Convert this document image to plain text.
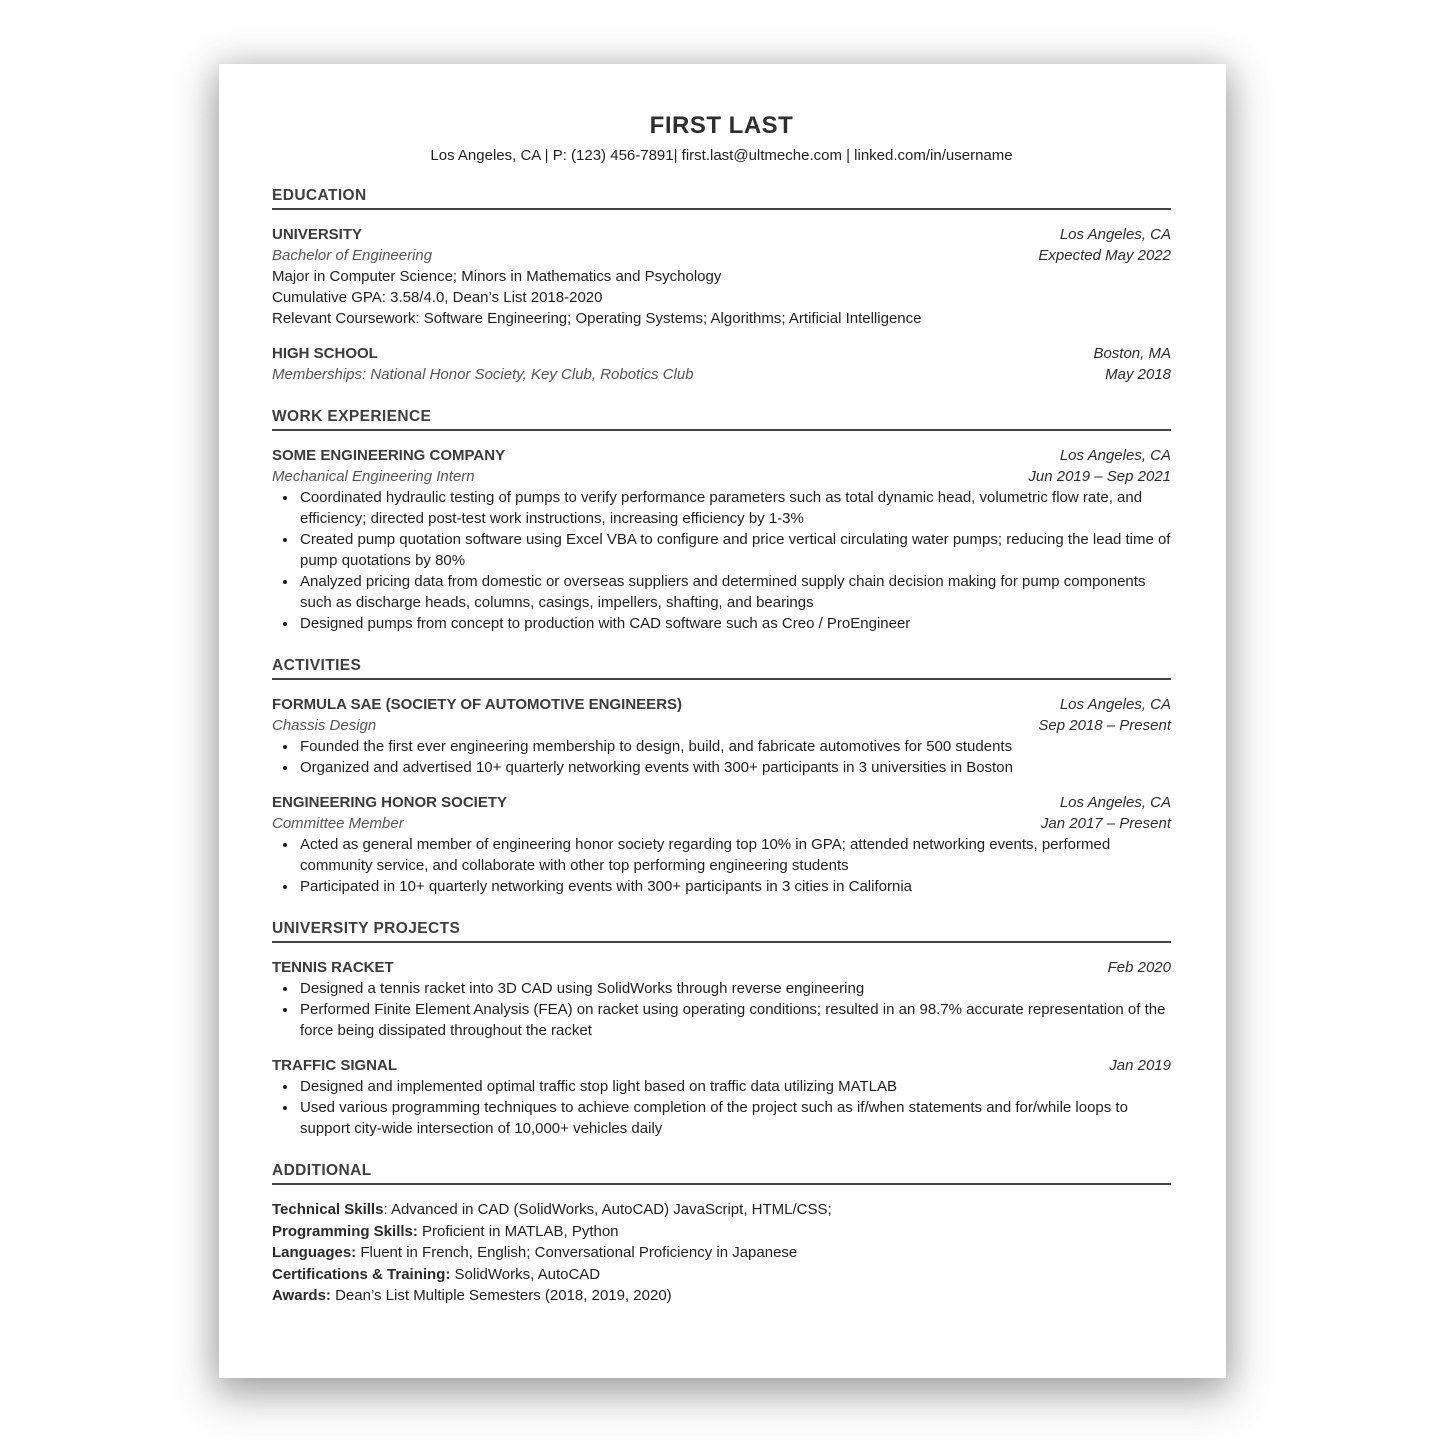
FIRST LAST
Los Angeles, CA | P: (123) 456-7891| first.last@ultmeche.com | linked.com/in/username
EDUCATION
UNIVERSITY	Los Angeles, CA
Bachelor of Engineering	Expected May 2022
Major in Computer Science; Minors in Mathematics and Psychology
Cumulative GPA: 3.58/4.0, Dean’s List 2018-2020
Relevant Coursework: Software Engineering; Operating Systems; Algorithms; Artificial Intelligence
HIGH SCHOOL	Boston, MA
Memberships: National Honor Society, Key Club, Robotics Club	May 2018
WORK EXPERIENCE
SOME ENGINEERING COMPANY	Los Angeles, CA
Mechanical Engineering Intern	Jun 2019 – Sep 2021
• Coordinated hydraulic testing of pumps to verify performance parameters such as total dynamic head, volumetric flow rate, and efficiency; directed post-test work instructions, increasing efficiency by 1-3%
• Created pump quotation software using Excel VBA to configure and price vertical circulating water pumps; reducing the lead time of pump quotations by 80%
• Analyzed pricing data from domestic or overseas suppliers and determined supply chain decision making for pump components such as discharge heads, columns, casings, impellers, shafting, and bearings
• Designed pumps from concept to production with CAD software such as Creo / ProEngineer
ACTIVITIES
FORMULA SAE (SOCIETY OF AUTOMOTIVE ENGINEERS)	Los Angeles, CA
Chassis Design	Sep 2018 – Present
• Founded the first ever engineering membership to design, build, and fabricate automotives for 500 students
• Organized and advertised 10+ quarterly networking events with 300+ participants in 3 universities in Boston
ENGINEERING HONOR SOCIETY	Los Angeles, CA
Committee Member	Jan 2017 – Present
• Acted as general member of engineering honor society regarding top 10% in GPA; attended networking events, performed community service, and collaborate with other top performing engineering students
• Participated in 10+ quarterly networking events with 300+ participants in 3 cities in California
UNIVERSITY PROJECTS
TENNIS RACKET	Feb 2020
• Designed a tennis racket into 3D CAD using SolidWorks through reverse engineering
• Performed Finite Element Analysis (FEA) on racket using operating conditions; resulted in an 98.7% accurate representation of the force being dissipated throughout the racket
TRAFFIC SIGNAL	Jan 2019
• Designed and implemented optimal traffic stop light based on traffic data utilizing MATLAB
• Used various programming techniques to achieve completion of the project such as if/when statements and for/while loops to support city-wide intersection of 10,000+ vehicles daily
ADDITIONAL
Technical Skills: Advanced in CAD (SolidWorks, AutoCAD) JavaScript, HTML/CSS;
Programming Skills: Proficient in MATLAB, Python
Languages: Fluent in French, English; Conversational Proficiency in Japanese
Certifications & Training: SolidWorks, AutoCAD
Awards: Dean’s List Multiple Semesters (2018, 2019, 2020)
